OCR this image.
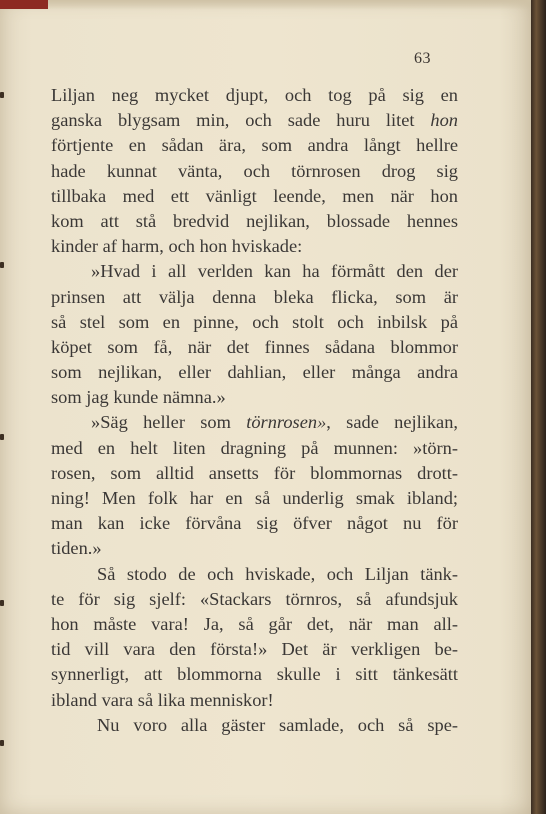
63
Liljan neg mycket djupt, och tog på sig en
ganska blygsam min, och sade huru litet hon
förtjente en sådan ära, som andra långt hellre
hade kunnat vänta, och törnrosen drog sig
tillbaka med ett vänligt leende, men när hon
kom att stå bredvid nejlikan, blossade hennes
kinder af harm, och hon hviskade:
»Hvad i all verlden kan ha förmått den der
prinsen att välja denna bleka flicka, som är
så stel som en pinne, och stolt och inbilsk på
köpet som få, när det finnes sådana blommor
som nejlikan, eller dahlian, eller många andra
som jag kunde nämna.»
»Säg heller som törnrosen», sade nejlikan,
med en helt liten dragning på munnen: »törn-
rosen, som alltid ansetts för blommornas drott-
ning! Men folk har en så underlig smak ibland;
man kan icke förvåna sig öfver något nu för
tiden.»
Så stodo de och hviskade, och Liljan tänk-
te för sig sjelf: «Stackars törnros, så afundsjuk
hon måste vara! Ja, så går det, när man all-
tid vill vara den första!» Det är verkligen be-
synnerligt, att blommorna skulle i sitt tänkesätt
ibland vara så lika menniskor!
Nu voro alla gäster samlade, och så spe-
